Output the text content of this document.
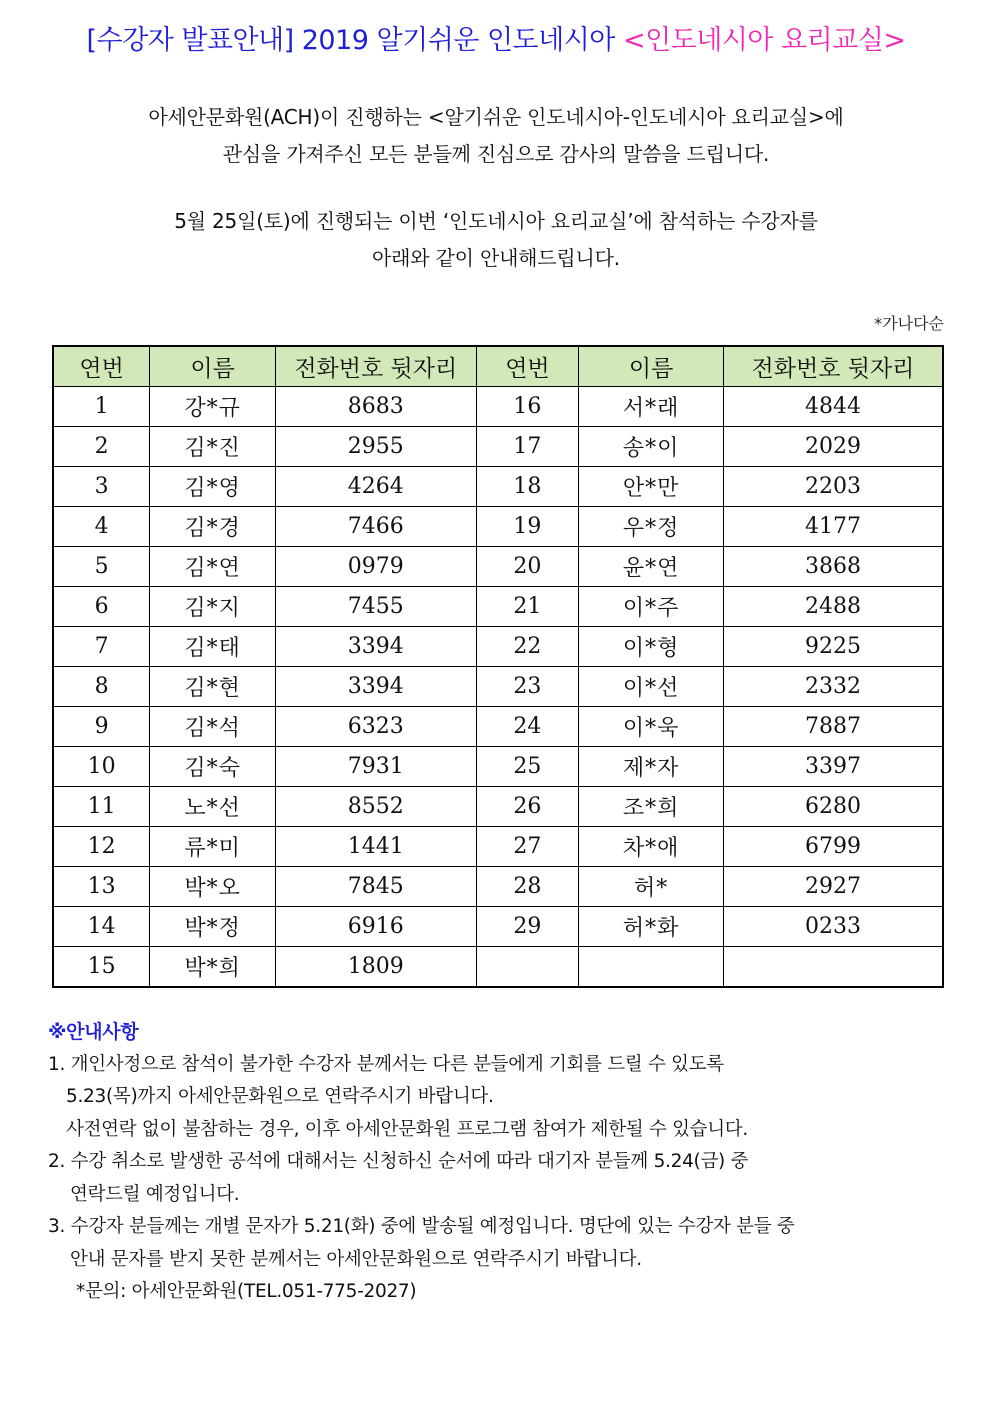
[수강자 발표안내] 2019 알기쉬운 인도네시아 <인도네시아 요리교실>
아세안문화원(ACH)이 진행하는 <알기쉬운 인도네시아-인도네시아 요리교실>에
관심을 가져주신 모든 분들께 진심으로 감사의 말씀을 드립니다.
5월 25일(토)에 진행되는 이번 ‘인도네시아 요리교실’에 참석하는 수강자를
아래와 같이 안내해드립니다.
*가나다순
연번	이름	전화번호 뒷자리	연번	이름	전화번호 뒷자리
1	강*규	8683	16	서*래	4844
2	김*진	2955	17	송*이	2029
3	김*영	4264	18	안*만	2203
4	김*경	7466	19	우*정	4177
5	김*연	0979	20	윤*연	3868
6	김*지	7455	21	이*주	2488
7	김*태	3394	22	이*형	9225
8	김*현	3394	23	이*선	2332
9	김*석	6323	24	이*욱	7887
10	김*숙	7931	25	제*자	3397
11	노*선	8552	26	조*희	6280
12	류*미	1441	27	차*애	6799
13	박*오	7845	28	허*	2927
14	박*정	6916	29	허*화	0233
15	박*희	1809			
※안내사항
1. 개인사정으로 참석이 불가한 수강자 분께서는 다른 분들에게 기회를 드릴 수 있도록
5.23(목)까지 아세안문화원으로 연락주시기 바랍니다.
사전연락 없이 불참하는 경우, 이후 아세안문화원 프로그램 참여가 제한될 수 있습니다.
2. 수강 취소로 발생한 공석에 대해서는 신청하신 순서에 따라 대기자 분들께 5.24(금) 중
연락드릴 예정입니다.
3. 수강자 분들께는 개별 문자가 5.21(화) 중에 발송될 예정입니다. 명단에 있는 수강자 분들 중
안내 문자를 받지 못한 분께서는 아세안문화원으로 연락주시기 바랍니다.
*문의: 아세안문화원(TEL.051-775-2027)
